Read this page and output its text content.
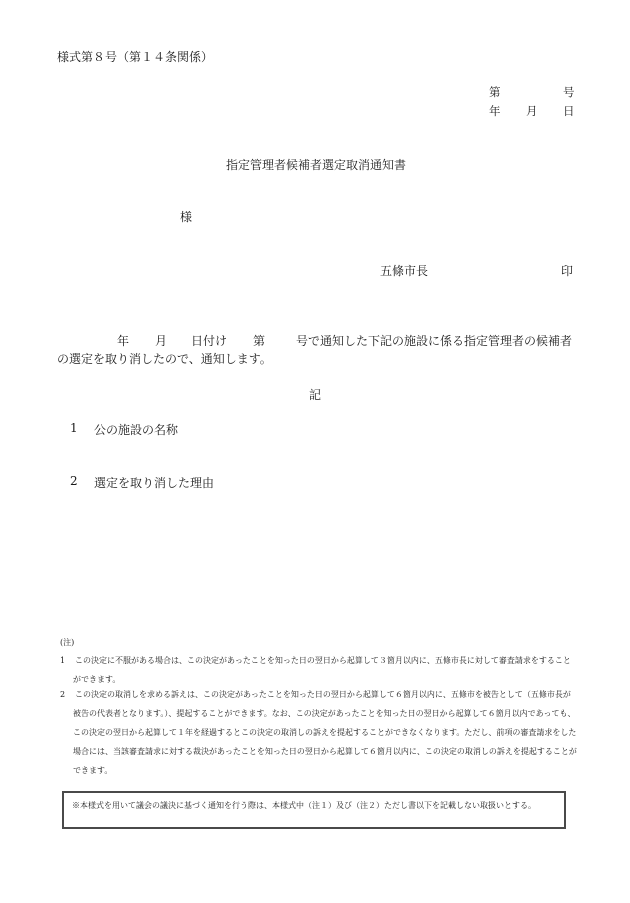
様式第８号（第１４条関係）
第	号
年 月 日
指定管理者候補者選定取消通知書
様
五條市長	印
年 月 日付け 第	号で通知した下記の施設に係る指定管理者の候補者
の選定を取り消したので、通知します。
記
1 公の施設の名称
2 選定を取り消した理由
(注)
1 この決定に不服がある場合は、この決定があったことを知った日の翌日から起算して３箇月以内に、五條市長に対して審査請求をすることができます。
2 この決定の取消しを求める訴えは、この決定があったことを知った日の翌日から起算して６箇月以内に、五條市を被告として（五條市長が被告の代表者となります。）、提起することができます。なお、この決定があったことを知った日の翌日から起算して６箇月以内であっても、この決定の翌日から起算して１年を経過するとこの決定の取消しの訴えを提起することができなくなります。ただし、前項の審査請求をした場合には、当該審査請求に対する裁決があったことを知った日の翌日から起算して６箇月以内に、この決定の取消しの訴えを提起することができます。
※本様式を用いて議会の議決に基づく通知を行う際は、本様式中（注１）及び（注２）ただし書以下を記載しない取扱いとする。
